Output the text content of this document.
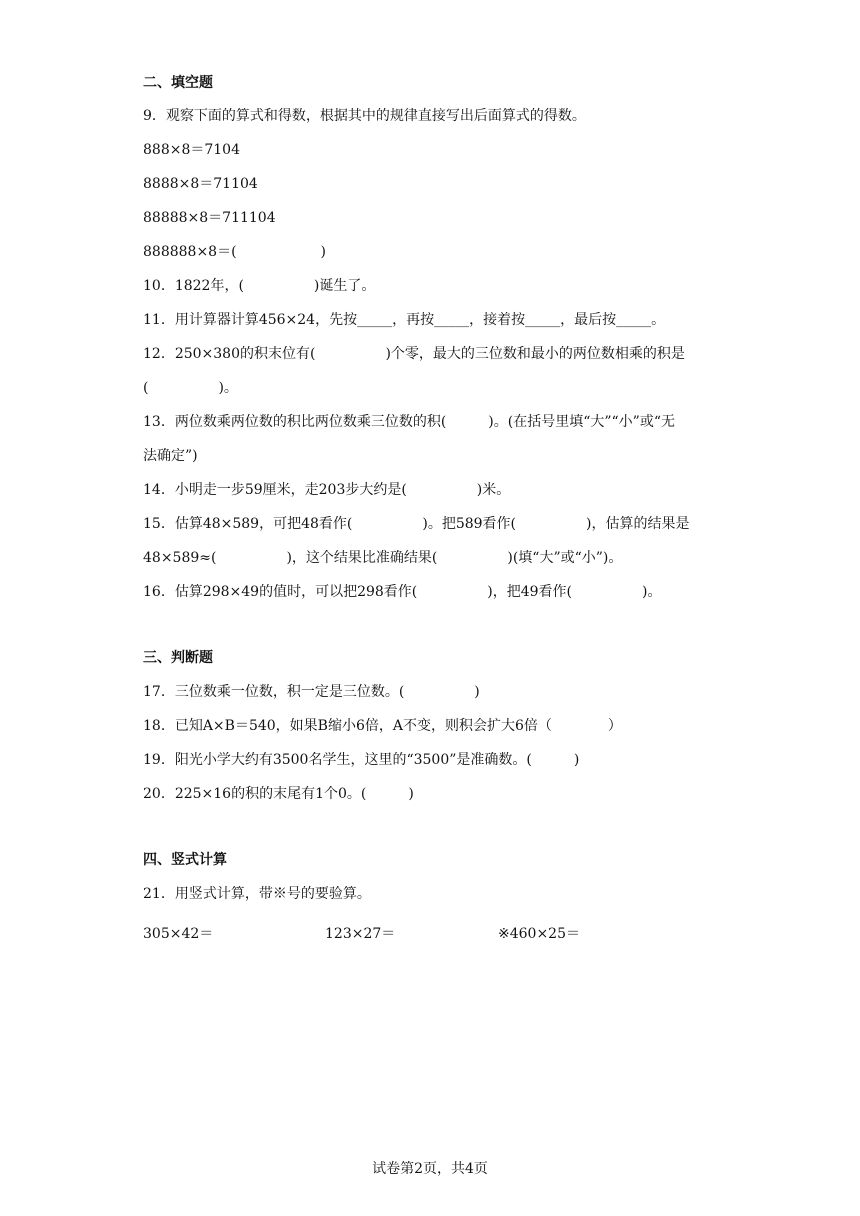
二、填空题
9．观察下面的算式和得数，根据其中的规律直接写出后面算式的得数。
888×8＝7104
8888×8＝71104
88888×8＝711104
888888×8＝(　　　　　　)
10．1822年，(　　　　　)诞生了。
11．用计算器计算456×24，先按_____，再按_____，接着按_____，最后按_____。
12．250×380的积末位有(　　　　　)个零，最大的三位数和最小的两位数相乘的积是
(　　　　　)。
13．两位数乘两位数的积比两位数乘三位数的积(　　　)。(在括号里填“大”“小”或“无
法确定”)
14．小明走一步59厘米，走203步大约是(　　　　　)米。
15．估算48×589，可把48看作(　　　　　)。把589看作(　　　　　)，估算的结果是
48×589≈(　　　　　)，这个结果比准确结果(　　　　　)(填“大”或“小”)。
16．估算298×49的值时，可以把298看作(　　　　　)，把49看作(　　　　　)。
三、判断题
17．三位数乘一位数，积一定是三位数。(　　　　　)
18．已知A×B＝540，如果B缩小6倍，A不变，则积会扩大6倍（　　　　）
19．阳光小学大约有3500名学生，这里的“3500”是准确数。(　　　)
20．225×16的积的末尾有1个0。(　　　)
四、竖式计算
21．用竖式计算，带※号的要验算。
305×42＝	123×27＝	※460×25＝
试卷第2页，共4页
